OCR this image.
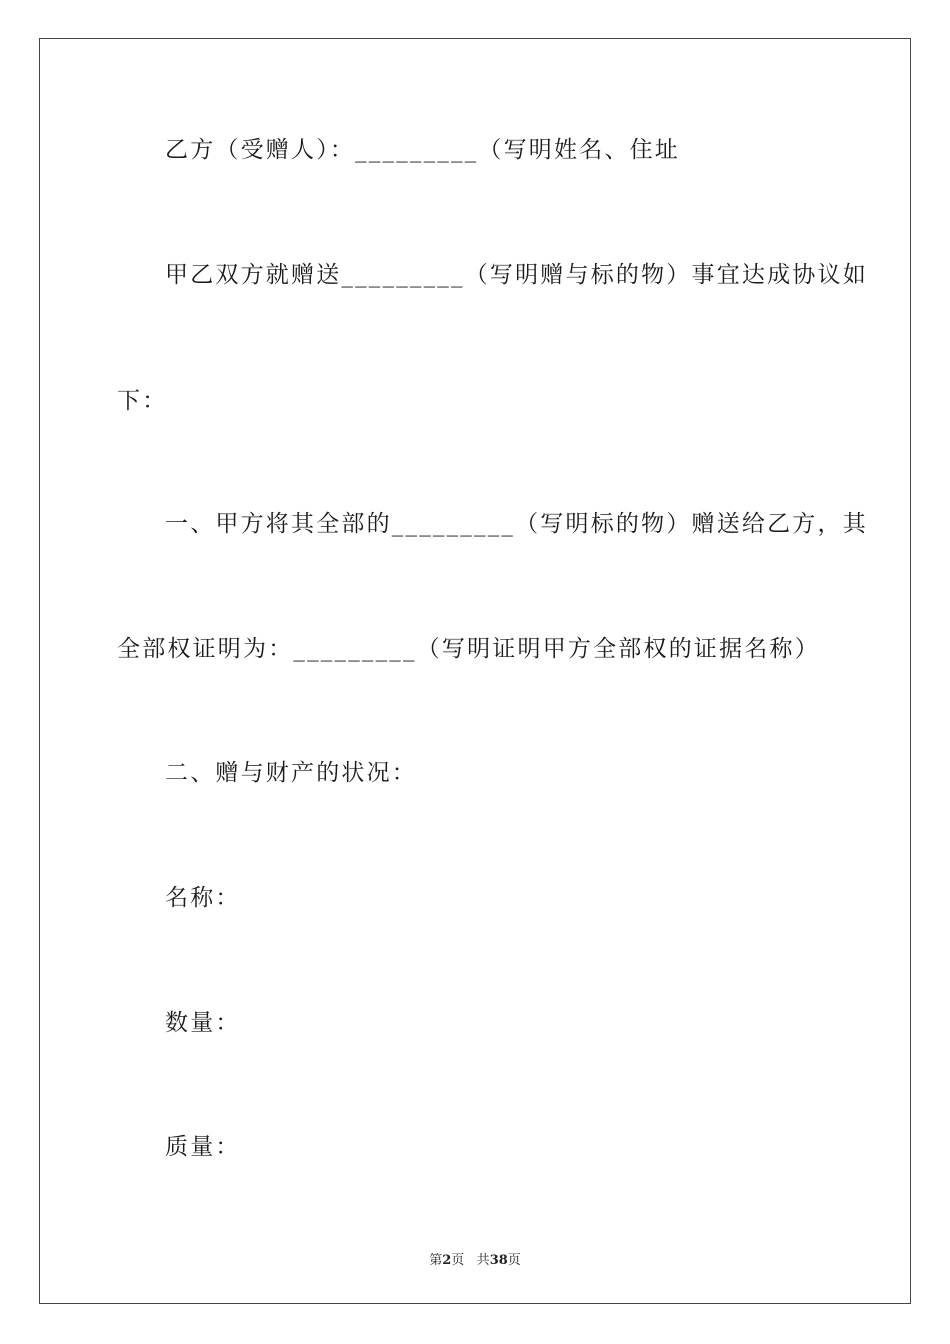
乙方（受赠人）：_________（写明姓名、住址
甲乙双方就赠送_________（写明赠与标的物）事宜达成协议如
下：
一、甲方将其全部的_________（写明标的物）赠送给乙方，其
全部权证明为：_________（写明证明甲方全部权的证据名称）
二、赠与财产的状况：
名称：
数量：
质量：
第2页 共38页
